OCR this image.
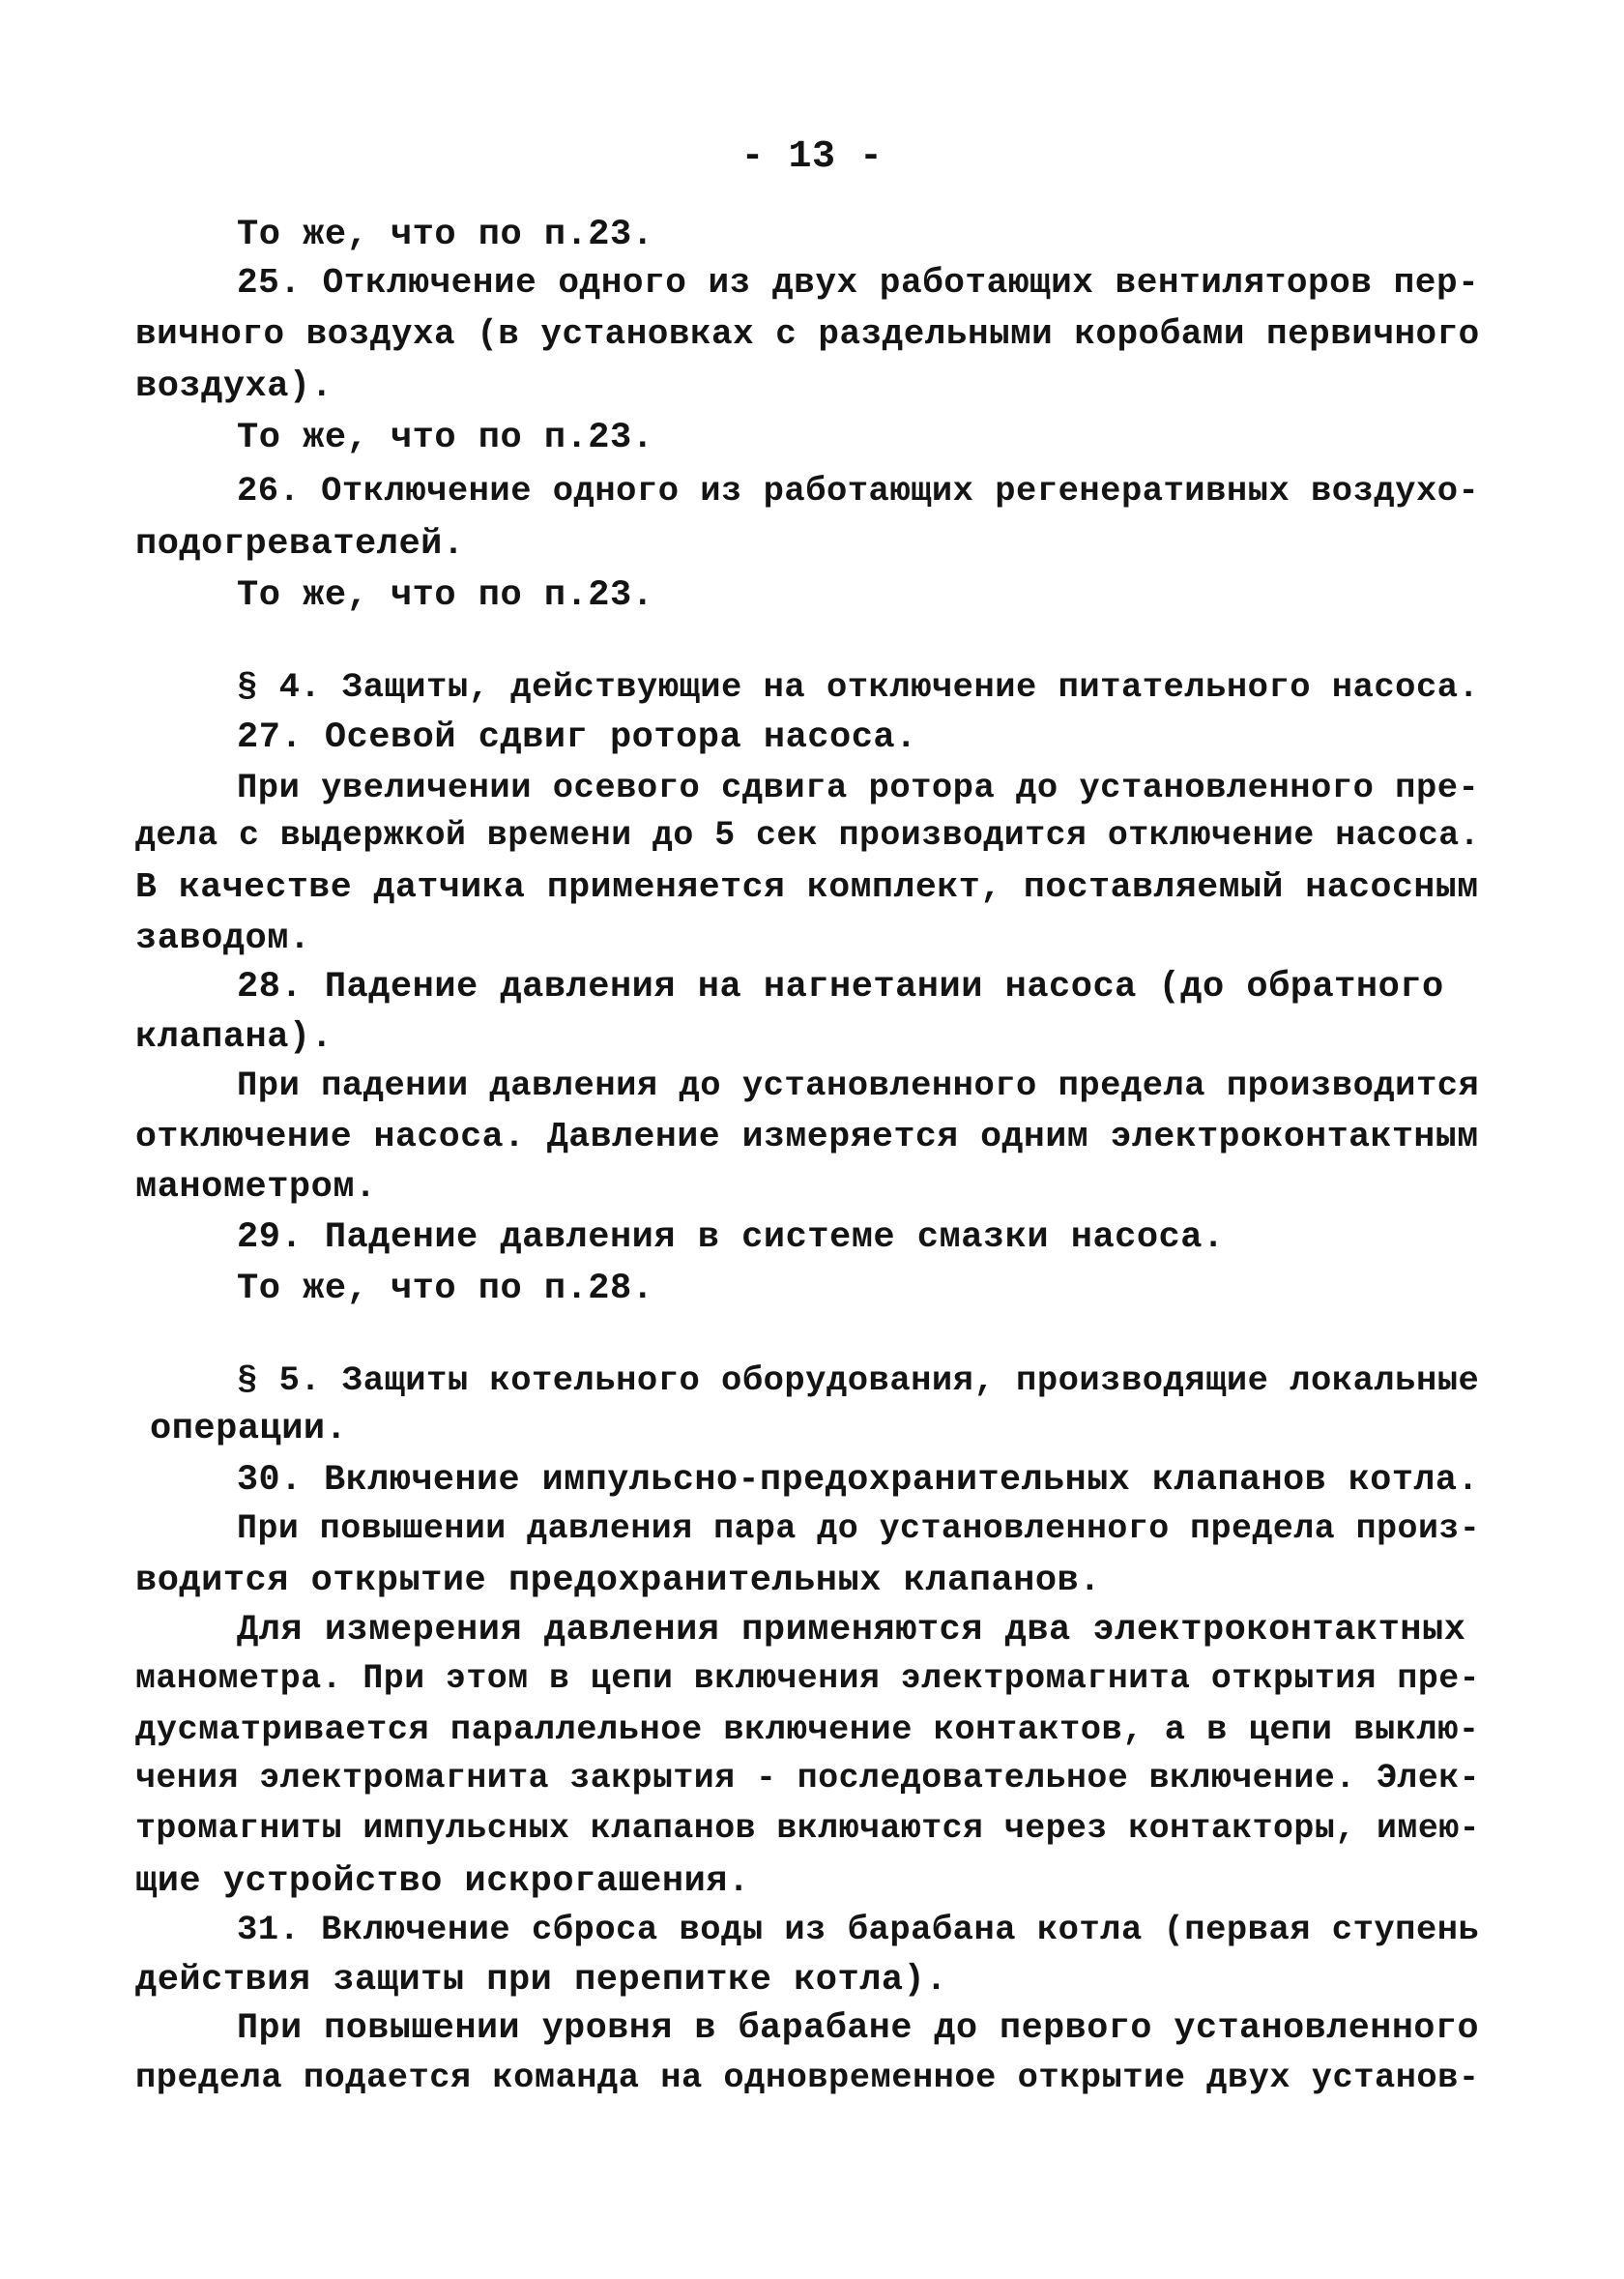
- 13 -
То же, что по п.23.
25. Отключение одного из двух работающих вентиляторов пер-
вичного воздуха (в установках с раздельными коробами первичного
воздуха).
То же, что по п.23.
26. Отключение одного из работающих регенеративных воздухо-
подогревателей.
То же, что по п.23.
§ 4. Защиты, действующие на отключение питательного насоса.
27. Осевой сдвиг ротора насоса.
При увеличении осевого сдвига ротора до установленного пре-
дела с выдержкой времени до 5 сек производится отключение насоса.
В качестве датчика применяется комплект, поставляемый насосным
заводом.
28. Падение давления на нагнетании насоса (до обратного
клапана).
При падении давления до установленного предела производится
отключение насоса. Давление измеряется одним электроконтактным
манометром.
29. Падение давления в системе смазки насоса.
То же, что по п.28.
§ 5. Защиты котельного оборудования, производящие локальные
операции.
30. Включение импульсно-предохранительных клапанов котла.
При повышении давления пара до установленного предела произ-
водится открытие предохранительных клапанов.
Для измерения давления применяются два электроконтактных
манометра. При этом в цепи включения электромагнита открытия пре-
дусматривается параллельное включение контактов, а в цепи выклю-
чения электромагнита закрытия - последовательное включение. Элек-
тромагниты импульсных клапанов включаются через контакторы, имею-
щие устройство искрогашения.
31. Включение сброса воды из барабана котла (первая ступень
действия защиты при перепитке котла).
При повышении уровня в барабане до первого установленного
предела подается команда на одновременное открытие двух установ-
